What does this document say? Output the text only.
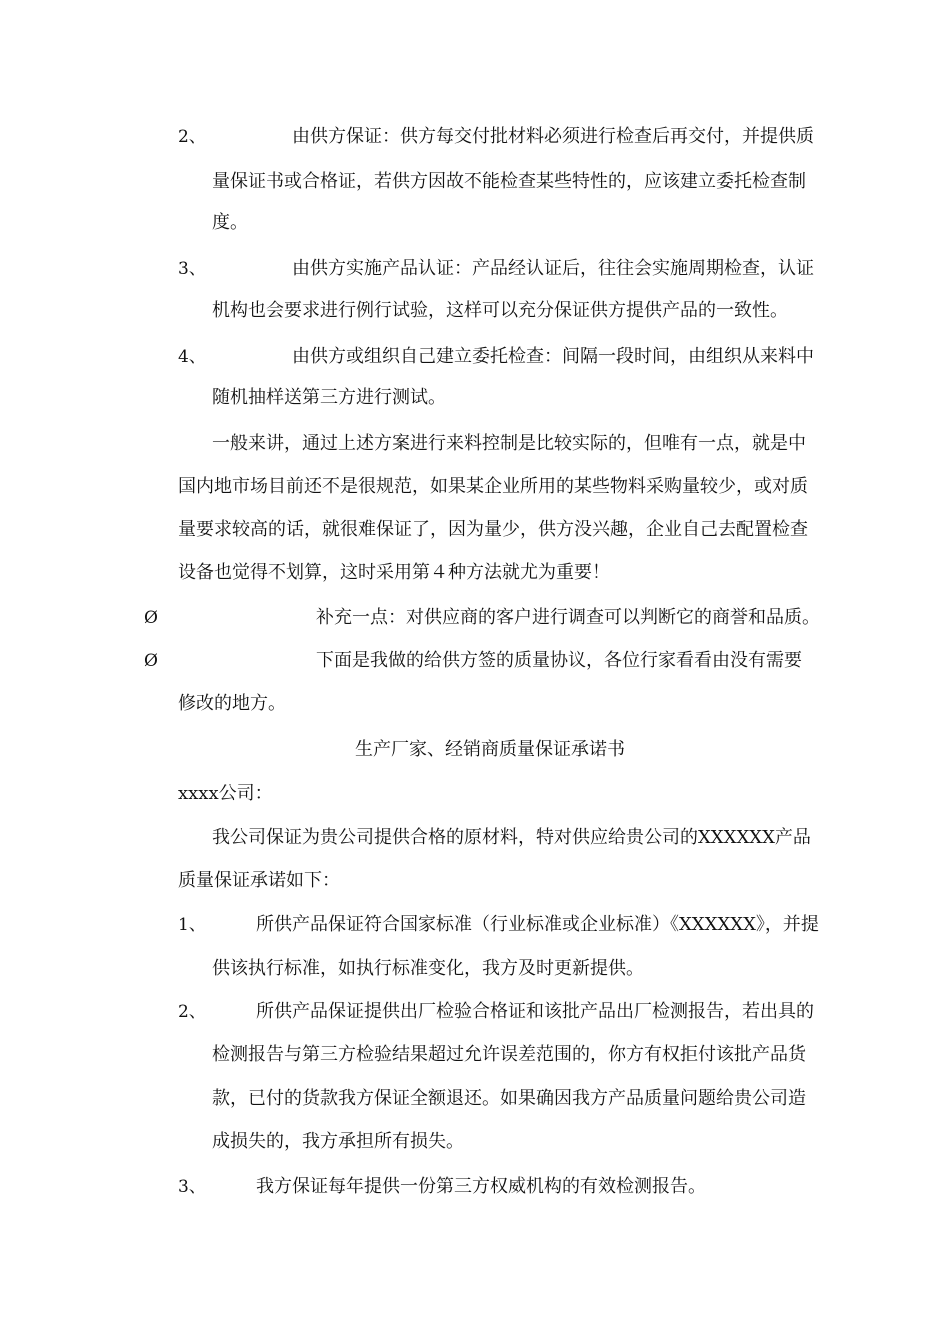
2、	由供方保证：供方每交付批材料必须进行检查后再交付，并提供质
量保证书或合格证，若供方因故不能检查某些特性的，应该建立委托检查制
度。
3、	由供方实施产品认证：产品经认证后，往往会实施周期检查，认证
机构也会要求进行例行试验，这样可以充分保证供方提供产品的一致性。
4、	由供方或组织自己建立委托检查：间隔一段时间，由组织从来料中
随机抽样送第三方进行测试。
一般来讲，通过上述方案进行来料控制是比较实际的，但唯有一点，就是中
国内地市场目前还不是很规范，如果某企业所用的某些物料采购量较少，或对质
量要求较高的话，就很难保证了，因为量少，供方没兴趣，企业自己去配置检查
设备也觉得不划算，这时采用第４种方法就尤为重要！
Ø	补充一点：对供应商的客户进行调查可以判断它的商誉和品质。
Ø	下面是我做的给供方签的质量协议，各位行家看看由没有需要
修改的地方。
生产厂家、经销商质量保证承诺书
xxxx公司：
我公司保证为贵公司提供合格的原材料，特对供应给贵公司的XXXXXX产品
质量保证承诺如下：
1、	所供产品保证符合国家标准（行业标准或企业标准）《XXXXXX》，并提
供该执行标准，如执行标准变化，我方及时更新提供。
2、	所供产品保证提供出厂检验合格证和该批产品出厂检测报告，若出具的
检测报告与第三方检验结果超过允许误差范围的，你方有权拒付该批产品货
款，已付的货款我方保证全额退还。如果确因我方产品质量问题给贵公司造
成损失的，我方承担所有损失。
3、	我方保证每年提供一份第三方权威机构的有效检测报告。
